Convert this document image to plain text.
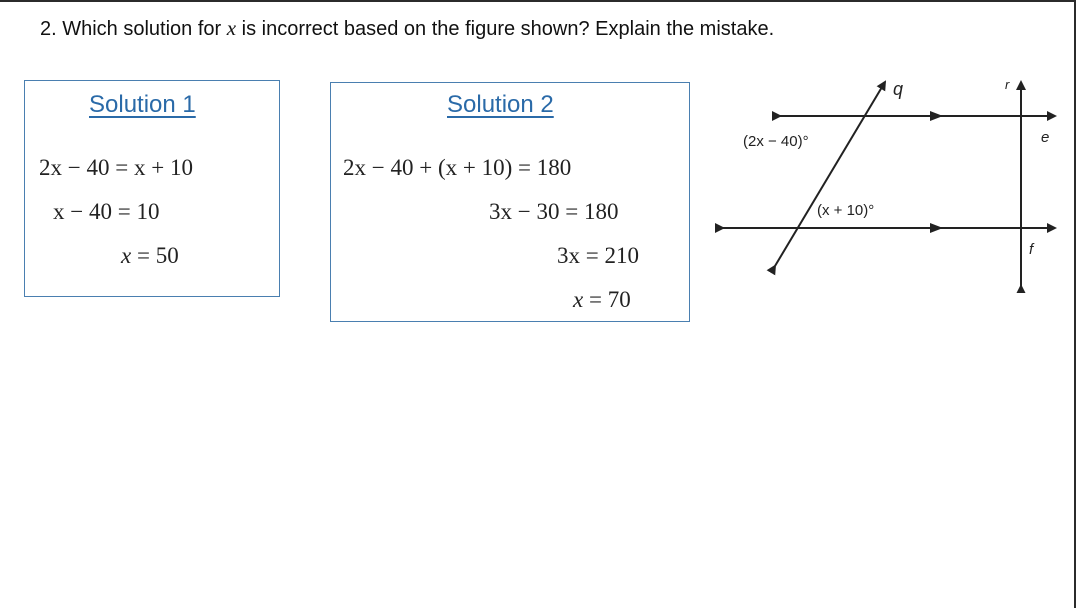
2. Which solution for x is incorrect based on the figure shown? Explain the mistake.
Solution 1
2x − 40 = x + 10
x − 40 = 10
x = 50
Solution 2
2x − 40 + (x + 10) = 180
3x − 30 = 180
3x = 210
x = 70
(2x − 40)°
(x + 10)°
q	r
e
f
